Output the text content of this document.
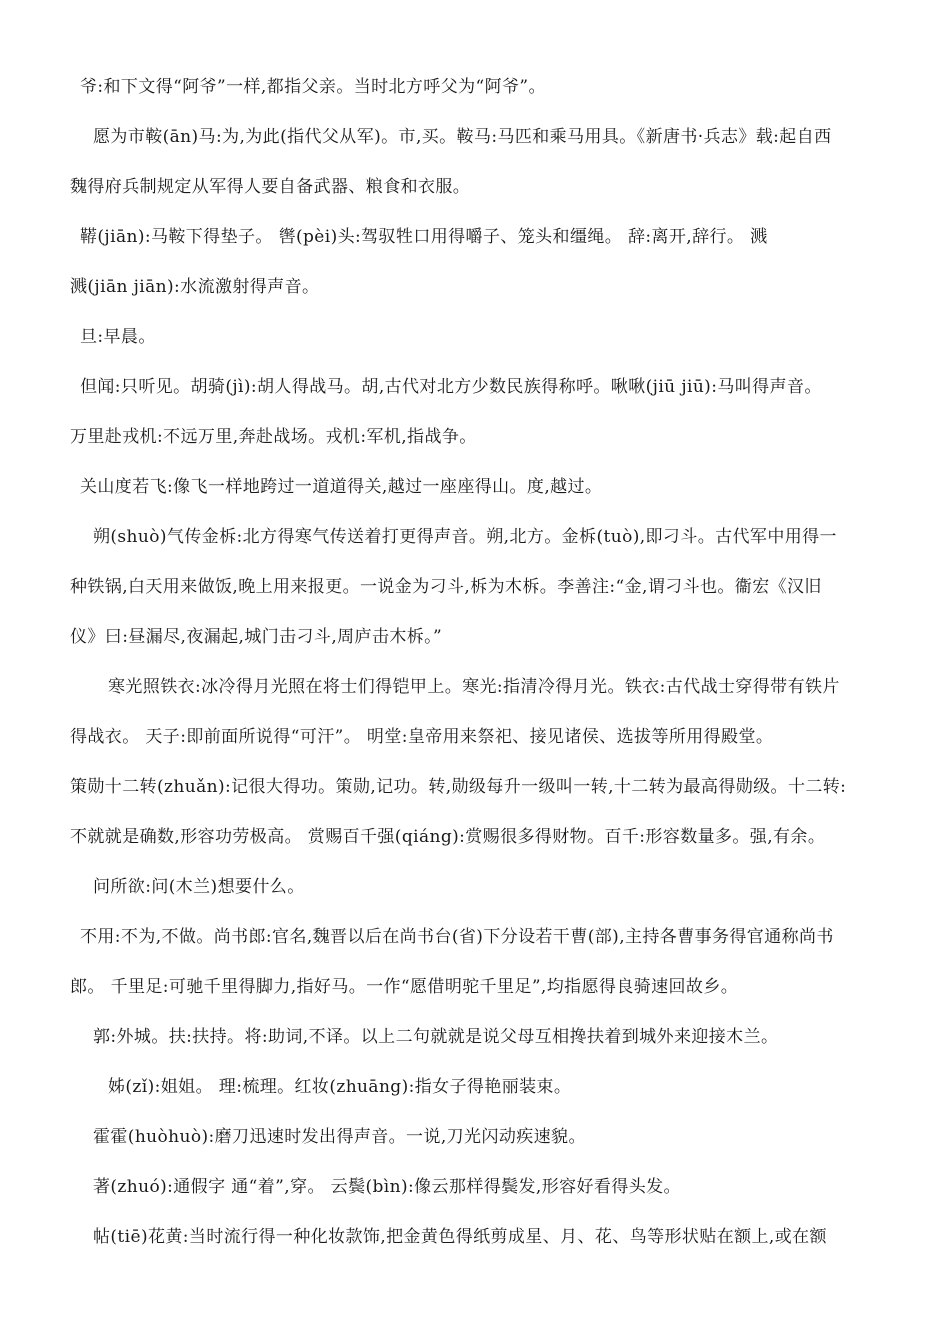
爷:和下文得“阿爷”一样,都指父亲。当时北方呼父为“阿爷”。
愿为市鞍(ān)马:为,为此(指代父从军)。市,买。鞍马:马匹和乘马用具。《新唐书·兵志》载:起自西
魏得府兵制规定从军得人要自备武器、粮食和衣服。
鞯(jiān):马鞍下得垫子。 辔(pèi)头:驾驭牲口用得嚼子、笼头和缰绳。 辞:离开,辞行。 溅
溅(jiān jiān):水流激射得声音。
旦:早晨。
但闻:只听见。胡骑(jì):胡人得战马。胡,古代对北方少数民族得称呼。啾啾(jiū jiū):马叫得声音。
万里赴戎机:不远万里,奔赴战场。戎机:军机,指战争。
关山度若飞:像飞一样地跨过一道道得关,越过一座座得山。度,越过。
朔(shuò)气传金柝:北方得寒气传送着打更得声音。朔,北方。金柝(tuò),即刁斗。古代军中用得一
种铁锅,白天用来做饭,晚上用来报更。一说金为刁斗,柝为木柝。李善注:“金,谓刁斗也。衞宏《汉旧
仪》曰:昼漏尽,夜漏起,城门击刁斗,周庐击木柝。”
寒光照铁衣:冰冷得月光照在将士们得铠甲上。寒光:指清冷得月光。铁衣:古代战士穿得带有铁片
得战衣。 天子:即前面所说得“可汗”。 明堂:皇帝用来祭祀、接见诸侯、选拔等所用得殿堂。
策勋十二转(zhuǎn):记很大得功。策勋,记功。转,勋级每升一级叫一转,十二转为最高得勋级。十二转:
不就就是确数,形容功劳极高。 赏赐百千强(qiáng):赏赐很多得财物。百千:形容数量多。强,有余。
问所欲:问(木兰)想要什么。
不用:不为,不做。尚书郎:官名,魏晋以后在尚书台(省)下分设若干曹(部),主持各曹事务得官通称尚书
郎。 千里足:可驰千里得脚力,指好马。一作“愿借明驼千里足”,均指愿得良骑速回故乡。
郭:外城。扶:扶持。将:助词,不译。以上二句就就是说父母互相搀扶着到城外来迎接木兰。
姊(zǐ):姐姐。 理:梳理。红妆(zhuāng):指女子得艳丽装束。
霍霍(huòhuò):磨刀迅速时发出得声音。一说,刀光闪动疾速貌。
著(zhuó):通假字 通“着”,穿。 云鬓(bìn):像云那样得鬓发,形容好看得头发。
帖(tiē)花黄:当时流行得一种化妆款饰,把金黄色得纸剪成星、月、花、鸟等形状贴在额上,或在额
